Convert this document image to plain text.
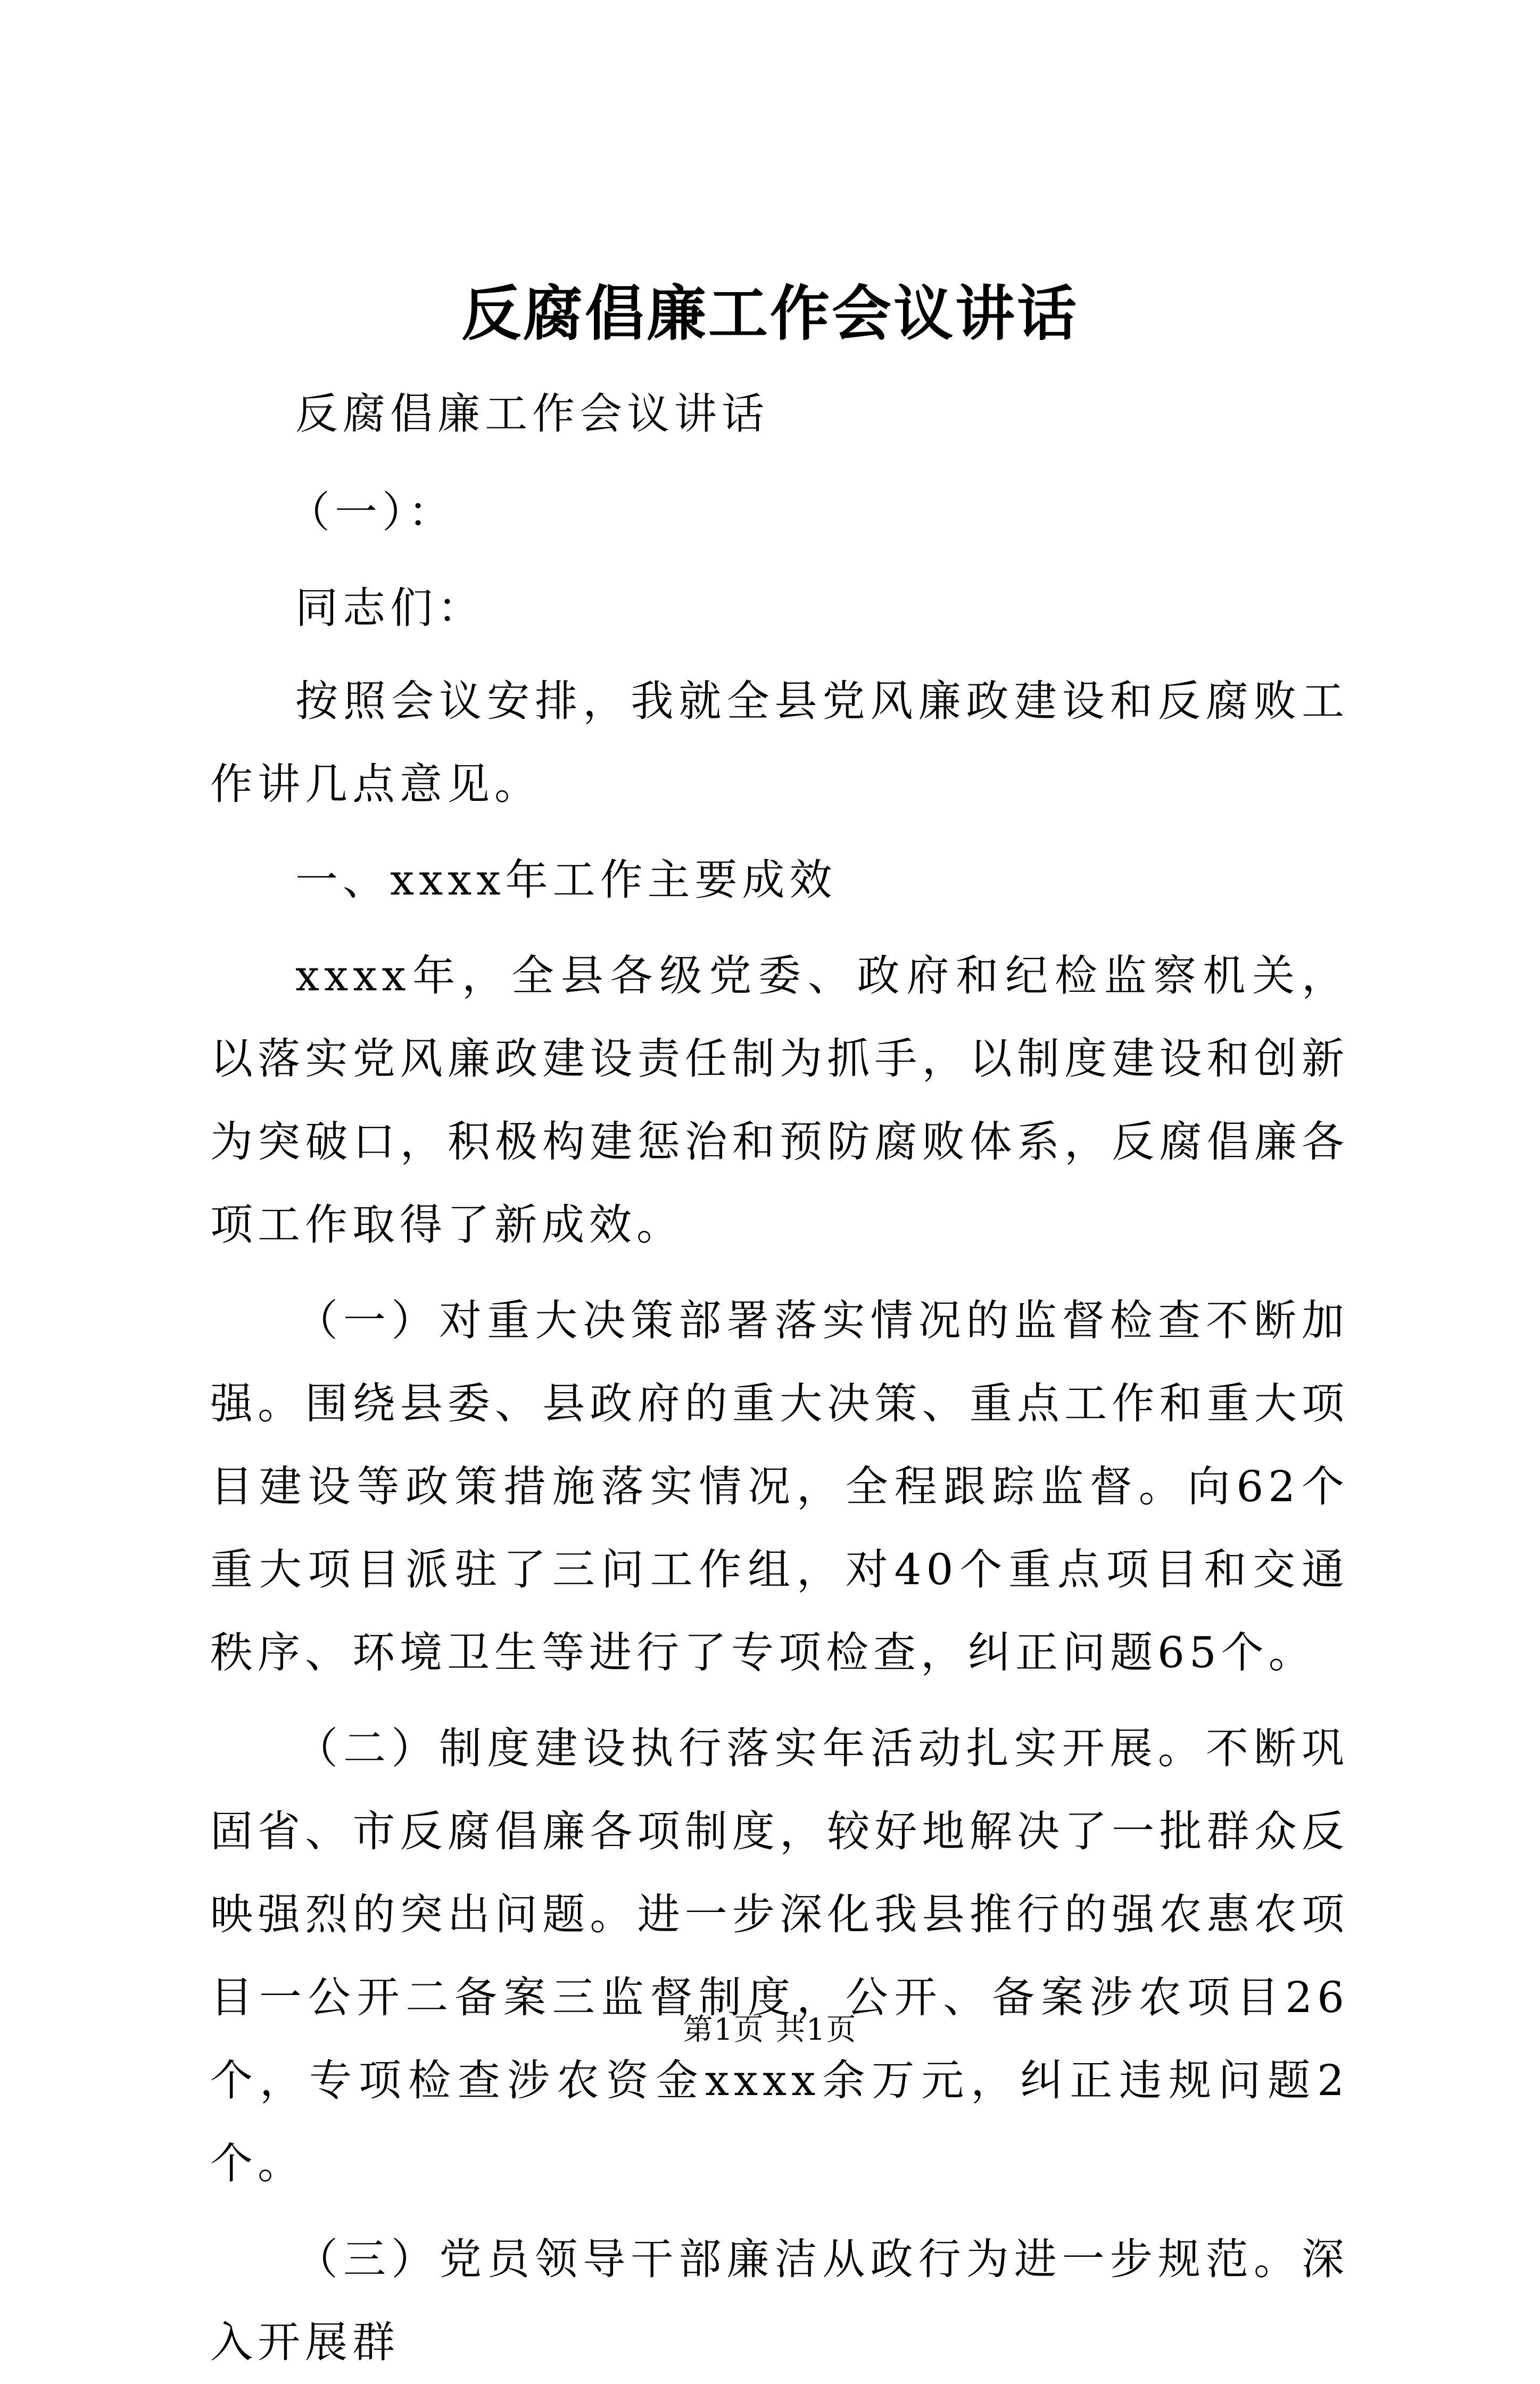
反腐倡廉工作会议讲话
反腐倡廉工作会议讲话
（一）：
同志们：

按照会议安排，我就全县党风廉政建设和反腐败工作讲几点意见。

一、xxxx年工作主要成效

xxxx年，全县各级党委、政府和纪检监察机关，以落实党风廉政建设责任制为抓手，以制度建设和创新为突破口，积极构建惩治和预防腐败体系，反腐倡廉各项工作取得了新成效。

（一）对重大决策部署落实情况的监督检查不断加强。围绕县委、县政府的重大决策、重点工作和重大项目建设等政策措施落实情况，全程跟踪监督。向62个重大项目派驻了三问工作组，对40个重点项目和交通秩序、环境卫生等进行了专项检查，纠正问题65个。

（二）制度建设执行落实年活动扎实开展。不断巩固省、市反腐倡廉各项制度，较好地解决了一批群众反映强烈的突出问题。进一步深化我县推行的强农惠农项目一公开二备案三监督制度，公开、备案涉农项目26个，专项检查涉农资金xxxx余万元，纠正违规问题2个。

（三）党员领导干部廉洁从政行为进一步规范。深入开展群

第1页 共1页
